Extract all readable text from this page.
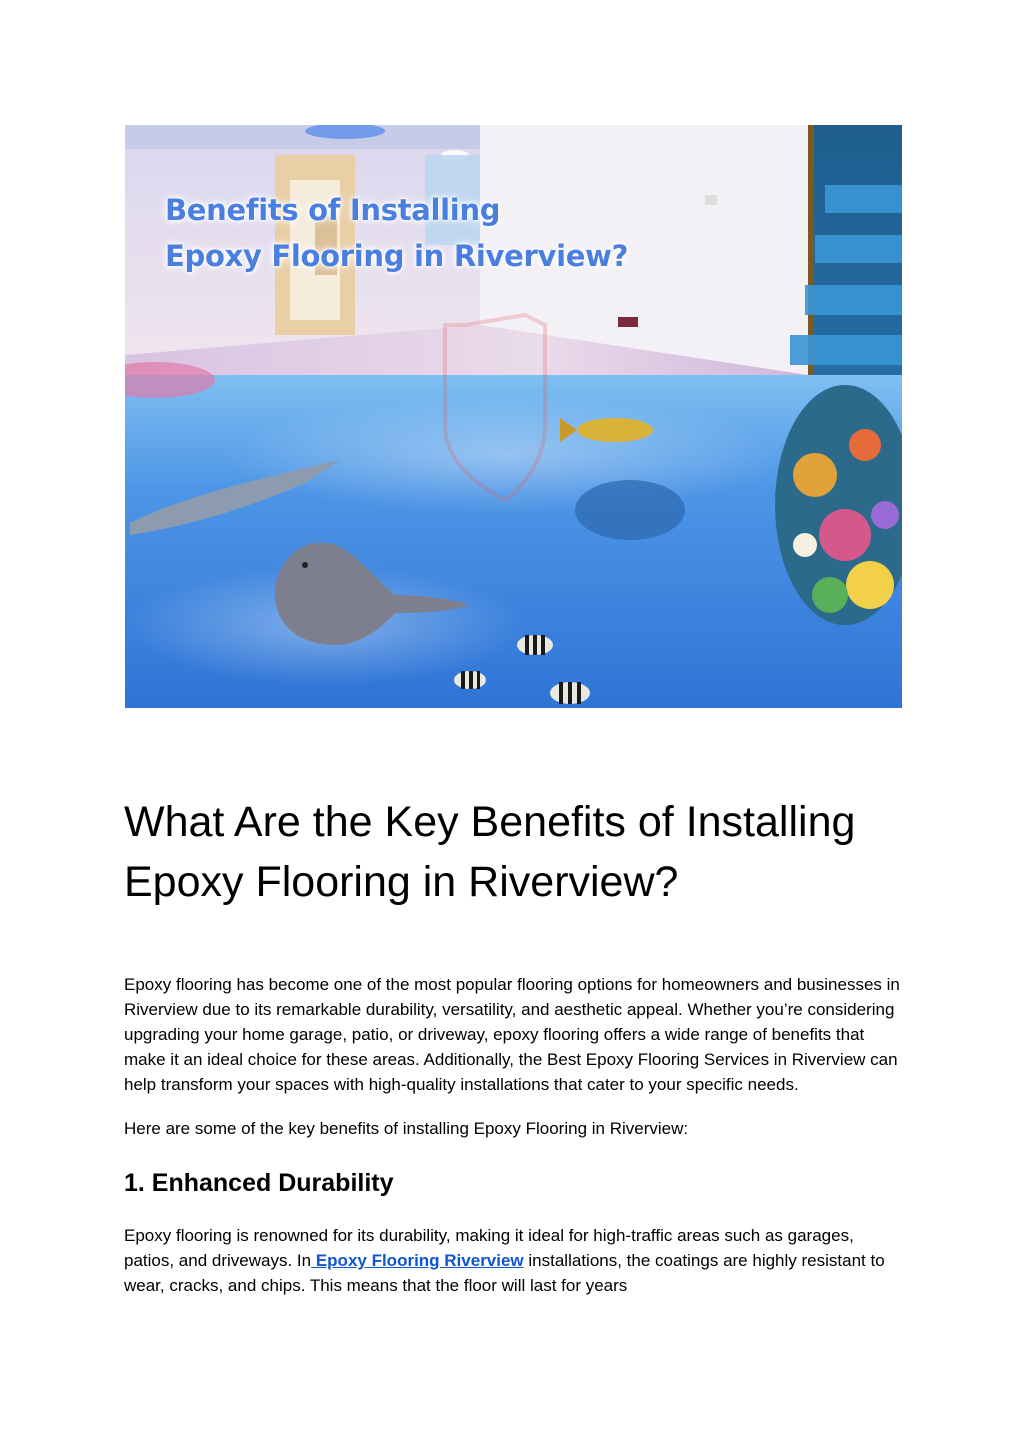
Benefits of Installing
Epoxy Flooring in Riverview?
What Are the Key Benefits of Installing
Epoxy Flooring in Riverview?

Epoxy flooring has become one of the most popular flooring options for homeowners and businesses in Riverview due to its remarkable durability, versatility, and aesthetic appeal. Whether you’re considering upgrading your home garage, patio, or driveway, epoxy flooring offers a wide range of benefits that make it an ideal choice for these areas. Additionally, the Best Epoxy Flooring Services in Riverview can help transform your spaces with high-quality installations that cater to your specific needs.

Here are some of the key benefits of installing Epoxy Flooring in Riverview:

1. Enhanced Durability

Epoxy flooring is renowned for its durability, making it ideal for high-traffic areas such as garages, patios, and driveways. In Epoxy Flooring Riverview installations, the coatings are highly resistant to wear, cracks, and chips. This means that the floor will last for years
